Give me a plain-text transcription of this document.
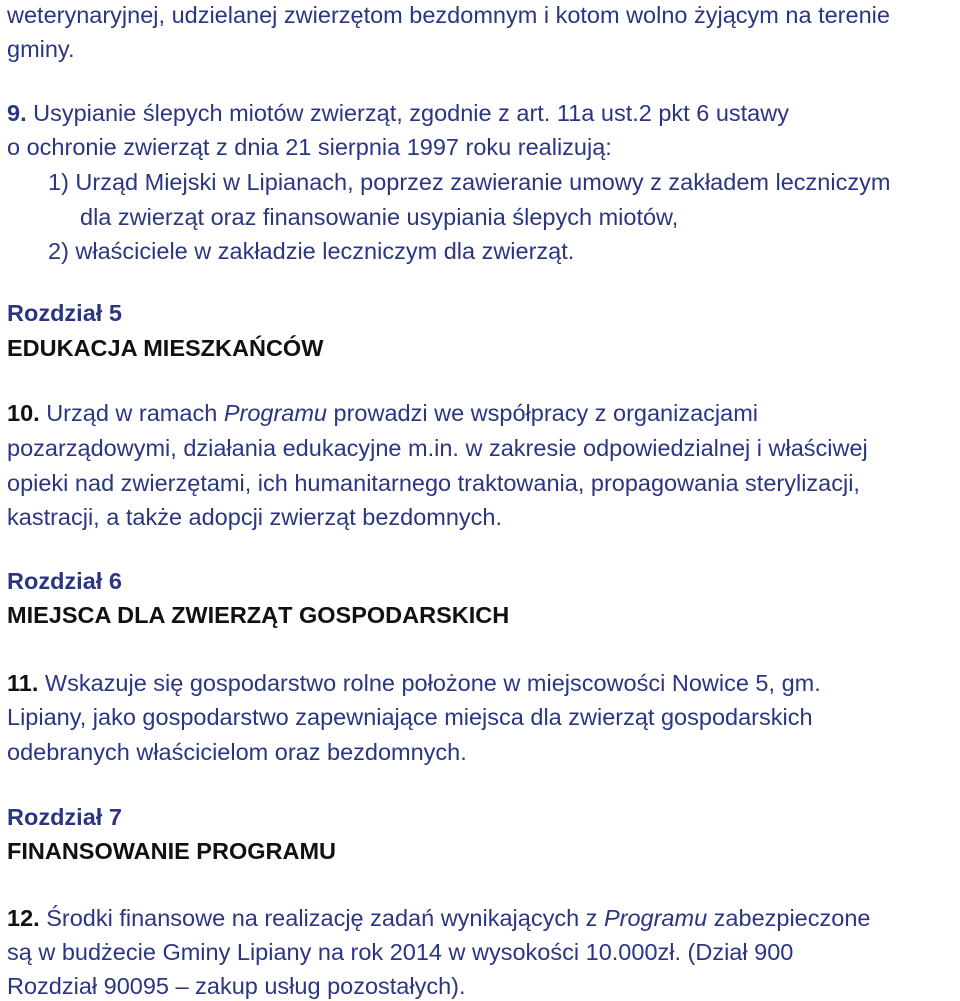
weterynaryjnej, udzielanej zwierzętom bezdomnym i kotom wolno żyjącym na terenie
gminy.
9. Usypianie ślepych miotów zwierząt, zgodnie z art. 11a ust.2 pkt 6 ustawy
o ochronie zwierząt z dnia 21 sierpnia 1997 roku realizują:
1) Urząd Miejski w Lipianach, poprzez zawieranie umowy z zakładem leczniczym
dla zwierząt oraz finansowanie usypiania ślepych miotów,
2) właściciele w zakładzie leczniczym dla zwierząt.
Rozdział 5
EDUKACJA MIESZKAŃCÓW
10. Urząd w ramach Programu prowadzi we współpracy z organizacjami
pozarządowymi, działania edukacyjne m.in. w zakresie odpowiedzialnej i właściwej
opieki nad zwierzętami, ich humanitarnego traktowania, propagowania sterylizacji,
kastracji, a także adopcji zwierząt bezdomnych.
Rozdział 6
MIEJSCA DLA ZWIERZĄT GOSPODARSKICH
11. Wskazuje się gospodarstwo rolne położone w miejscowości Nowice 5, gm.
Lipiany, jako gospodarstwo zapewniające miejsca dla zwierząt gospodarskich
odebranych właścicielom oraz bezdomnych.
Rozdział 7
FINANSOWANIE PROGRAMU
12. Środki finansowe na realizację zadań wynikających z Programu zabezpieczone
są w budżecie Gminy Lipiany na rok 2014 w wysokości 10.000zł. (Dział 900
Rozdział 90095 – zakup usług pozostałych).
